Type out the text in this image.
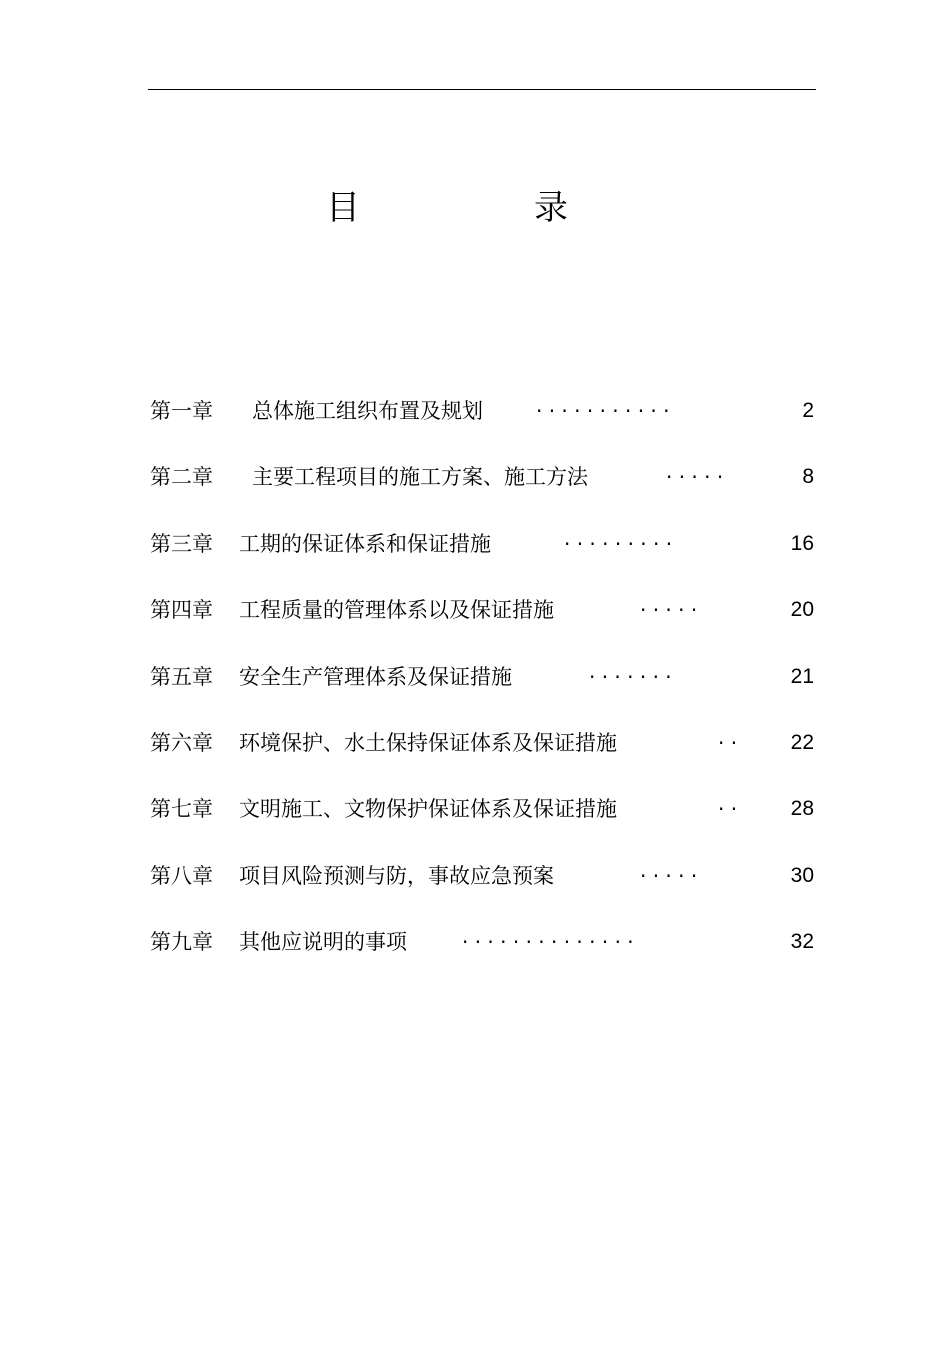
目	录
第一章 总体施工组织布置及规划	· · · · · · · · · · ·	2
第二章 主要工程项目的施工方案、施工方法	· · · · ·	8
第三章 工期的保证体系和保证措施	· · · · · · · · ·	16
第四章 工程质量的管理体系以及保证措施	· · · · ·	20
第五章 安全生产管理体系及保证措施	· · · · · · ·	21
第六章 环境保护、水土保持保证体系及保证措施	· ·	22
第七章 文明施工、文物保护保证体系及保证措施	· ·	28
第八章 项目风险预测与防，事故应急预案	· · · · ·	30
第九章 其他应说明的事项	· · · · · · · · · · · · · ·	32
